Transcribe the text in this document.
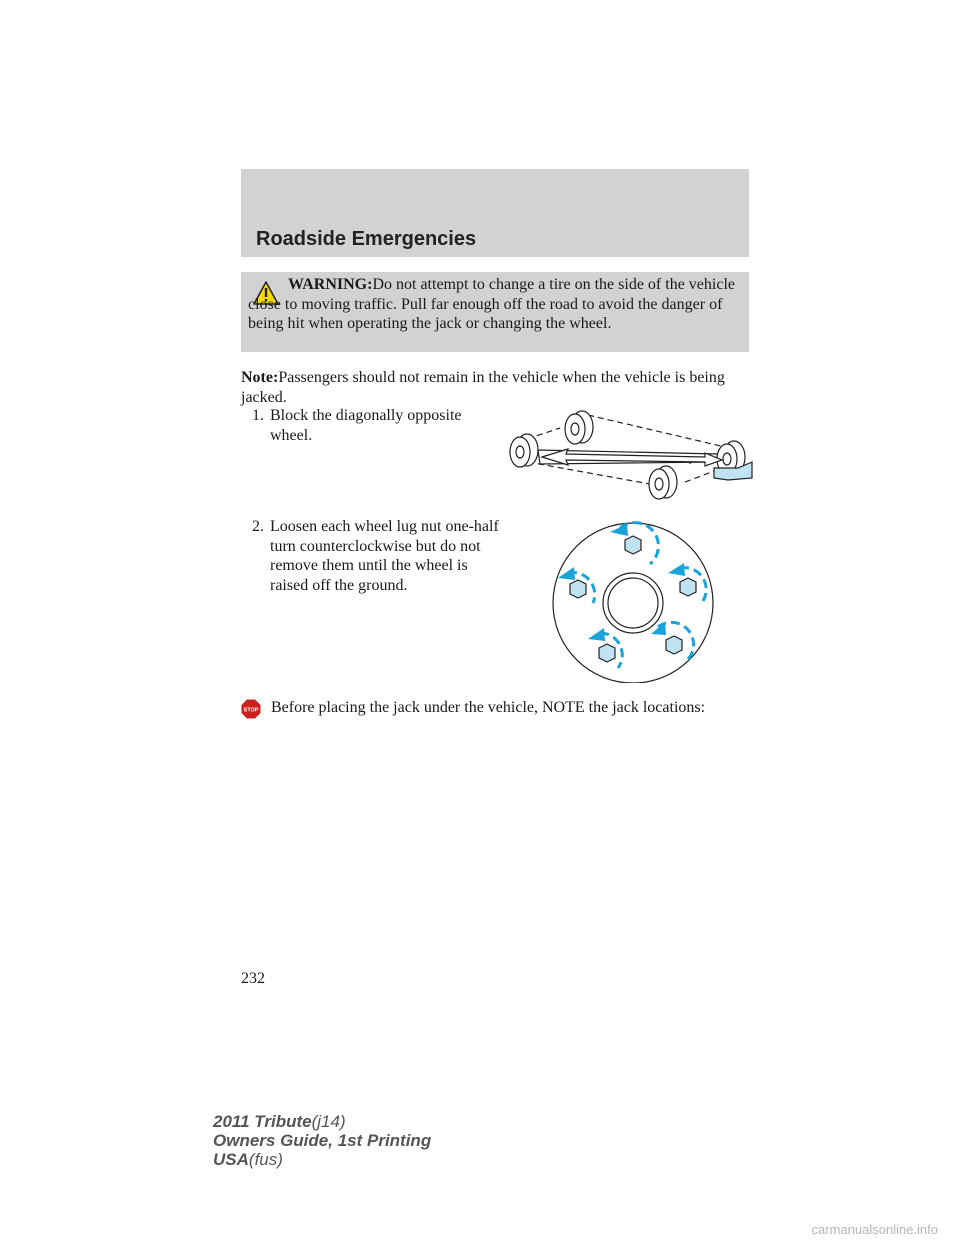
Roadside Emergencies
WARNING:Do not attempt to change a tire on the side of the vehicle close to moving traffic. Pull far enough off the road to avoid the danger of being hit when operating the jack or changing the wheel.
Note:Passengers should not remain in the vehicle when the vehicle is being jacked.
1. Block the diagonally opposite wheel.
2. Loosen each wheel lug nut one-half turn counterclockwise but do not remove them until the wheel is raised off the ground.
STOP Before placing the jack under the vehicle, NOTE the jack locations:
232
2011 Tribute(j14)
Owners Guide, 1st Printing
USA(fus)
carmanualsonline.info
